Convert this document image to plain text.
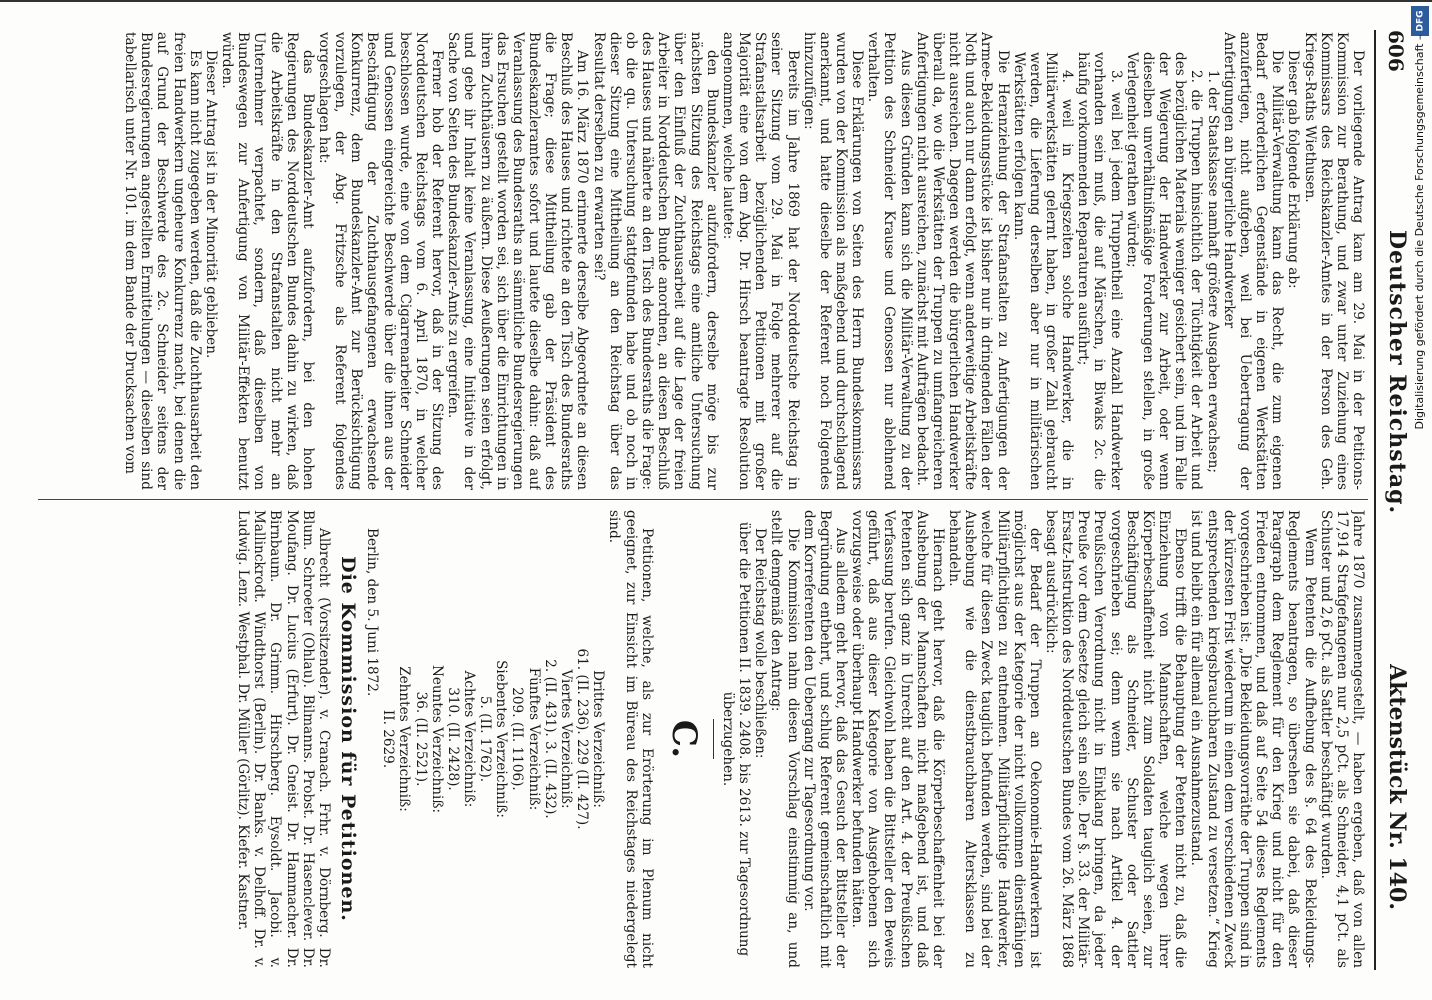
606
Deutscher Reichstag.
Aktenstück Nr. 140.

Der vorliegende Antrag kam am 29. Mai in der Petitions-Kommission zur Berathung, und zwar unter Zuziehung eines Kommissars des Reichskanzler-Amtes in der Person des Geh. Kriegs-Raths Wiethusen.

Dieser gab folgende Erklärung ab:

Die Militär-Verwaltung kann das Recht, die zum eigenen Bedarf erforderlichen Gegenstände in eigenen Werkstätten anzufertigen, nicht aufgeben, weil bei Uebertragung der Anfertigungen an bürgerliche Handwerker

1. der Staatskasse namhaft größere Ausgaben erwachsen;

2. die Truppen hinsichtlich der Tüchtigkeit der Arbeit und des bezüglichen Materials weniger gesichert sein, und im Falle der Weigerung der Handwerker zur Arbeit, oder wenn dieselben unverhältnißmäßige Forderungen stellen, in große Verlegenheit gerathen würden;

3. weil bei jedem Truppentheil eine Anzahl Handwerker vorhanden sein muß, die auf Märschen, in Biwaks 2c. die häufig vorkommenden Reparaturen ausführt;

4. weil in Kriegszeiten solche Handwerker, die in Militärwerkstätten gelernt haben, in großer Zahl gebraucht werden, die Lieferung derselben aber nur in militärischen Werkstätten erfolgen kann.

Die Heranziehung der Strafanstalten zu Anfertigungen der Armee-Bekleidungsstücke ist bisher nur in dringenden Fällen der Noth und auch nur dann erfolgt, wenn anderweitige Arbeitskräfte nicht ausreichen. Dagegen werden die bürgerlichen Handwerker überall da, wo die Werkstätten der Truppen zu umfangreicheren Anfertigungen nicht ausreichen, zunächst mit Aufträgen bedacht.

Aus diesen Gründen kann sich die Militär-Verwaltung zu der Petition des Schneider Krause und Genossen nur ablehnend verhalten.

Diese Erklärungen von Seiten des Herrn Bundeskommissars wurden von der Kommission als maßgebend und durchschlagend anerkannt, und hatte dieselbe der Referent noch Folgendes hinzuzufügen:

Bereits im Jahre 1869 hat der Norddeutsche Reichstag in seiner Sitzung vom 29. Mai in Folge mehrerer auf die Strafanstaltsarbeit bezüglichenden Petitionen mit großer Majorität eine von dem Abg. Dr. Hirsch beantragte Resolution angenommen, welche lautete:

den Bundeskanzler aufzufordern, derselbe möge bis zur nächsten Sitzung des Reichstags eine amtliche Untersuchung über den Einfluß der Zuchthausarbeit auf die Lage der freien Arbeiter in Norddeutschen Bunde anordnen, an diesen Beschluß des Hauses und näherte an den Tisch des Bundesraths die Frage: ob die qu. Untersuchung stattgefunden habe und ob noch in dieser Sitzung eine Mittheilung an den Reichstag über das Resultat derselben zu erwarten sei?

Am 16. März 1870 erinnerte derselbe Abgeordnete an diesen Beschluß des Hauses und richtete an den Tisch des Bundesraths die Frage; diese Mittheilung gab der Präsident des Bundeskanzleramtes sofort und lautete dieselbe dahin: daß auf Veranlassung des Bundesraths an sämmtliche Bundesregierungen das Ersuchen gestellt worden sei, sich über die Einrichtungen in ihren Zuchthäusern zu äußern. Diese Aeußerungen seien erfolgt, und gebe ihr Inhalt keine Veranlassung, eine Initiative in der Sache von Seiten des Bundeskanzler-Amts zu ergreifen.

Ferner hob der Referent hervor, daß in der Sitzung des Norddeutschen Reichstags vom 6. April 1870, in welcher beschlossen wurde, eine von dem Cigarrenarbeiter Schneider und Genossen eingereichte Beschwerde über die ihnen aus der Beschäftigung der Zuchthausgefangenen erwachsende Konkurrenz, dem Bundeskanzler-Amt zur Berücksichtigung vorzulegen, der Abg. Fritzsche als Referent folgendes vorgeschlagen hat:

das Bundeskanzler-Amt aufzufordern, bei den hohen Regierungen des Norddeutschen Bundes dahin zu wirken, daß die Arbeitskräfte in den Strafanstalten nicht mehr an Unternehmer verpachtet, sondern, daß dieselben von Bundeswegen zur Anfertigung von Militär-Effekten benutzt würden.

Dieser Antrag ist in der Minorität geblieben.

Es kann nicht zugegeben werden, daß die Zuchthausarbeit den freien Handwerkern ungeheure Konkurrenz macht, bei denen die auf Grund der Beschwerde des 2c. Schneider seitens der Bundesregierungen angestellten Ermittelungen — dieselben sind tabellarisch unter Nr. 101. im dem Bande der Drucksachen vom

Jahre 1870 zusammengestellt, — haben ergeben, daß von allen 17,914 Strafgefangenen nur 2,5 pCt. als Schneider, 4,1 pCt. als Schuster und 2,6 pCt. als Sattler beschäftigt wurden.

Wenn Petenten die Aufhebung des §. 64 des Bekleidungs-Reglements beantragen, so übersehen sie dabei, daß dieser Paragraph dem Reglement für den Krieg und nicht für den Frieden entnommen, und daß auf Seite 54 dieses Reglements vorgeschrieben ist: „Die Bekleidungsvorräthe der Truppen sind in der kürzesten Frist wiederum in einen dem verschiedenen Zweck entsprechenden kriegsbrauchbaren Zustand zu versetzen.“ Krieg ist und bleibt ein für allemal ein Ausnahmezustand.

Ebenso trifft die Behauptung der Petenten nicht zu, daß die Einziehung von Mannschaften, welche wegen ihrer Körperbeschaffenheit nicht zum Soldaten tauglich seien, zur Beschäftigung als Schneider, Schuster oder Sattler vorgeschrieben sei; denn wenn sie nach Artikel 4. der Preußischen Verordnung nicht in Einklang bringen, da jeder Preuße vor dem Gesetze gleich sein solle. Der §. 33. der Militär-Ersatz-Instruktion des Norddeutschen Bundes vom 26. März 1868 besagt ausdrücklich:

der Bedarf der Truppen an Oekonomie-Handwerkern ist möglichst aus der Kategorie der nicht vollkommen dienstfähigen Militärpflichtigen zu entnehmen. Militärpflichtige Handwerker, welche für diesen Zweck tauglich befunden werden, sind bei der Aushebung wie die dienstbrauchbaren Altersklassen zu behandeln.

Hiernach geht hervor, daß die Körperbeschaffenheit bei der Aushebung der Mannschaften nicht maßgebend ist, und daß Petenten sich ganz in Unrecht auf den Art. 4. der Preußischen Verfassung berufen. Gleichwohl haben die Bittsteller den Beweis geführt, daß aus dieser Kategorie von Ausgehobenen sich vorzugsweise oder überhaupt Handwerker befunden hätten.

Aus alledem geht hervor, daß das Gesuch der Bittsteller der Begründung entbehrt, und schlug Referent gemeinschaftlich mit dem Korreferenten den Uebergang zur Tagesordnung vor.

Die Kommission nahm diesen Vorschlag einstimmig an, und stellt demgemäß den Antrag:

Der Reichstag wolle beschließen:

über die Petitionen II. 1839. 2408. bis 2613. zur Tagesordnung überzugehen.

C.

Petitionen, welche, als zur Erörterung im Plenum nicht geeignet, zur Einsicht im Büreau des Reichstages niedergelegt sind.

Drittes Verzeichniß:

61. (II. 236). 229 (II. 427).

Viertes Verzeichniß:

2. (II. 431). 3. (II. 432).

Fünftes Verzeichniß:

209. (II. 1106).

Siebentes Verzeichniß:

5. (II. 1762).

Achtes Verzeichniß:

310. (II. 2428).

Neuntes Verzeichniß:

36. (II. 2521).

Zehntes Verzeichniß:

II. 2629.

Berlin, den 5. Juni 1872.

Die Kommission für Petitionen.

Albrecht (Vorsitzender). v. Cranach. Frhr. v. Dörnberg. Dr. Blum. Schroeter (Ohlau). Bilmanns. Probst. Dr. Hasenclever. Dr. Moufang. Dr. Lucius (Erfurt). Dr. Gneist. Dr. Hammacher. Dr. Birnbaum. Dr. Grimm. Hirschberg. Eysoldt. Jacobi. v. Mallinckrodt. Windthorst (Berlin). Dr. Banks. v. Delhoff. Dr. v. Ludwig. Lenz. Westphal. Dr. Müller (Görlitz). Kiefer. Kastner.

DFG
Digitalisierung gefördert durch die Deutsche Forschungsgemeinschaft –
